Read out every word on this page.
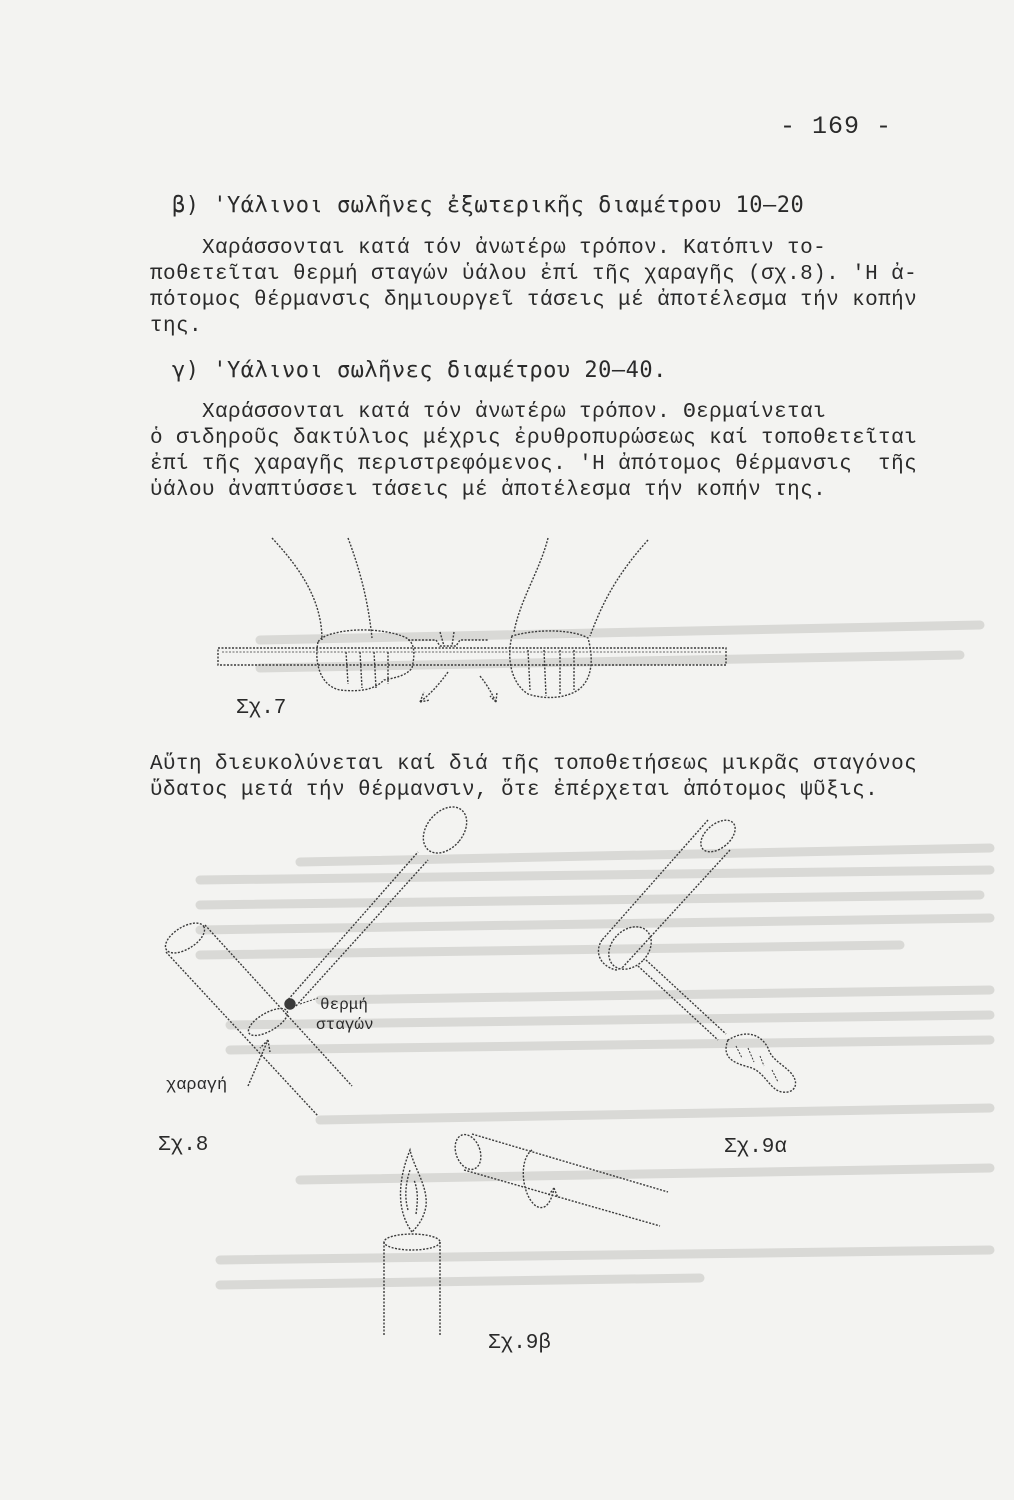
- 169 -
β) 'Υάλινοι σωλῆνες ἐξωτερικῆς διαμέτρου 10–20
Χαράσσονται κατά τόν ἀνωτέρω τρόπον. Κατόπιν το-
ποθετεῖται θερμή σταγών ὑάλου ἐπί τῆς χαραγῆς (σχ.8). 'Η ἀ-
πότομος θέρμανσις δημιουργεῖ τάσεις μέ ἀποτέλεσμα τήν κοπήν
της.
γ) 'Υάλινοι σωλῆνες διαμέτρου 20–40.
Χαράσσονται κατά τόν ἀνωτέρω τρόπον. Θερμαίνεται
ὁ σιδηροῦς δακτύλιος μέχρις ἐρυθροπυρώσεως καί τοποθετεῖται
ἐπί τῆς χαραγῆς περιστρεφόμενος. 'Η ἀπότομος θέρμανσις  τῆς
ὑάλου ἀναπτύσσει τάσεις μέ ἀποτέλεσμα τήν κοπήν της.
Σχ.7
Αὕτη διευκολύνεται καί διά τῆς τοποθετήσεως μικρᾶς σταγόνος
ὕδατος μετά τήν θέρμανσιν, ὅτε ἐπέρχεται ἀπότομος ψῦξις.
θερμή
σταγών
χαραγή
Σχ.8	Σχ.9α
Σχ.9β
